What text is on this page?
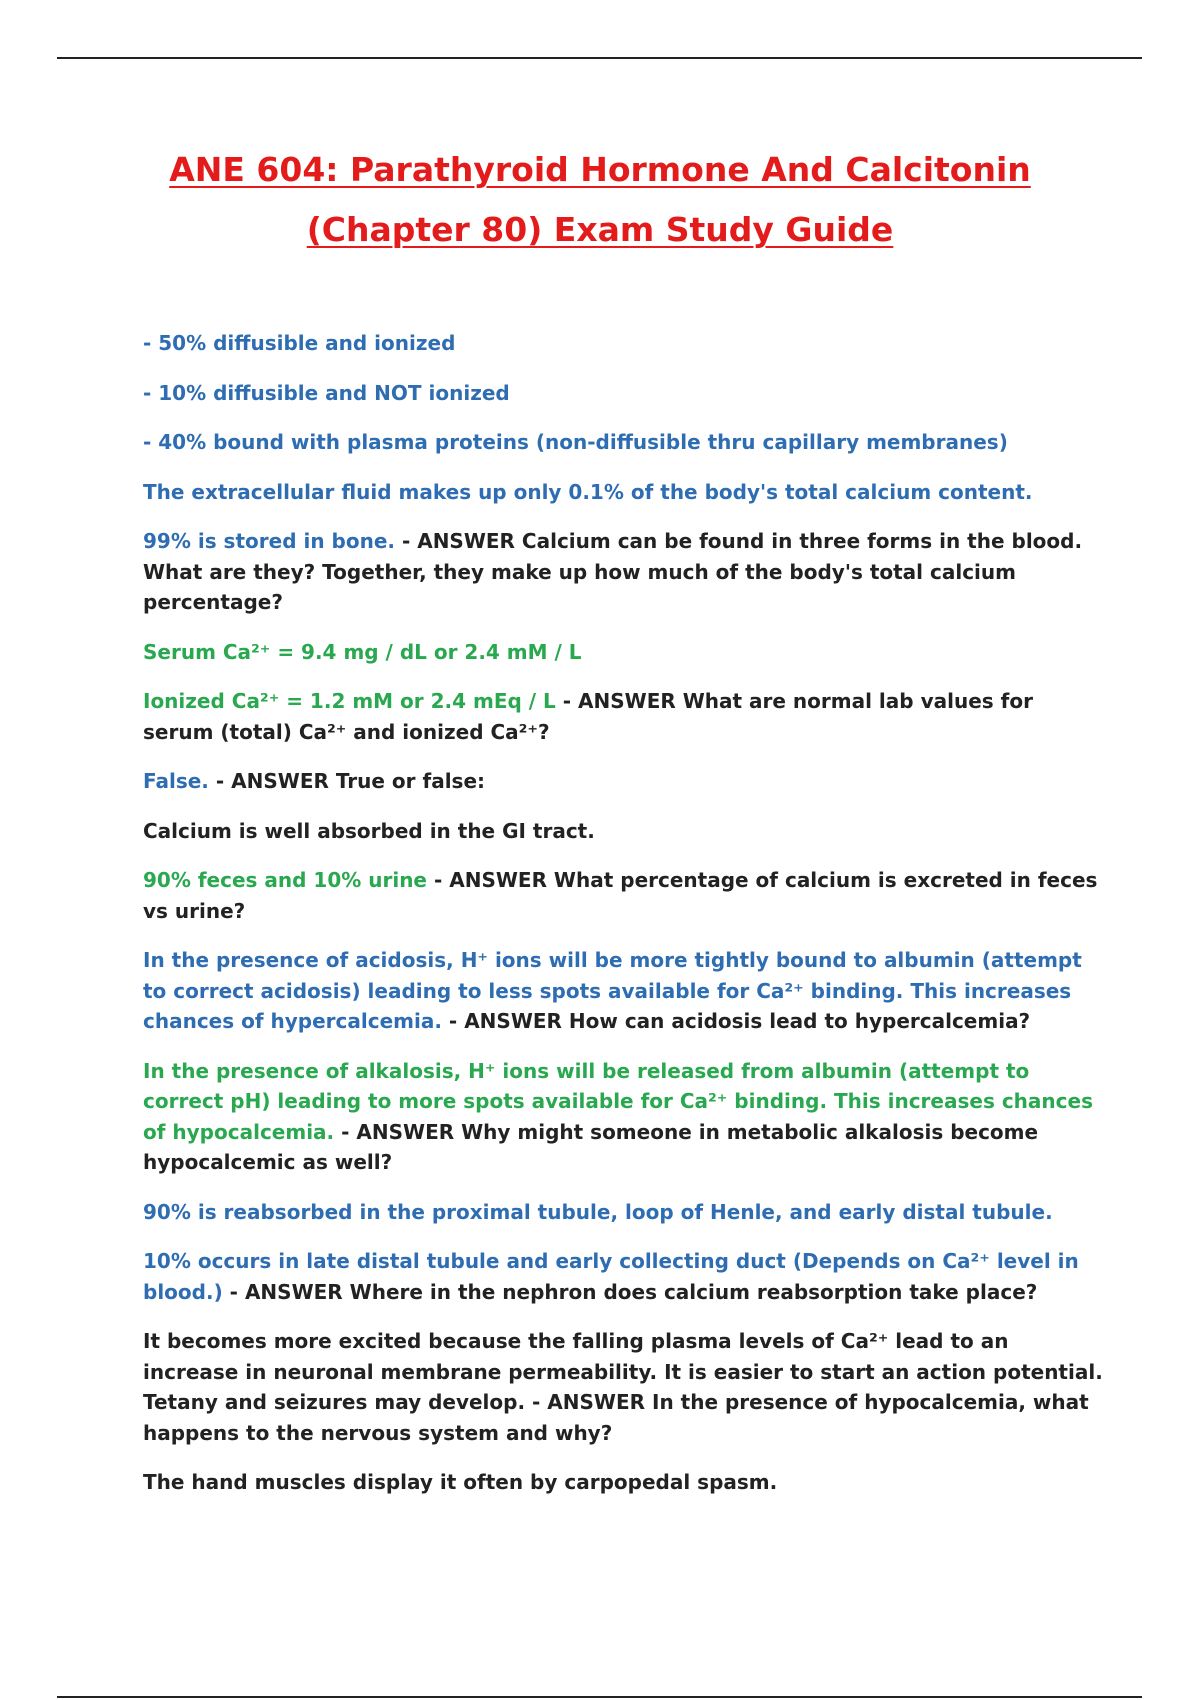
ANE 604: Parathyroid Hormone And Calcitonin
(Chapter 80) Exam Study Guide

- 50% diffusible and ionized

- 10% diffusible and NOT ionized

- 40% bound with plasma proteins (non-diffusible thru capillary membranes)

The extracellular fluid makes up only 0.1% of the body's total calcium content.

99% is stored in bone. - ANSWER Calcium can be found in three forms in the blood. What are they? Together, they make up how much of the body's total calcium percentage?

Serum Ca²⁺ = 9.4 mg / dL or 2.4 mM / L

Ionized Ca²⁺ = 1.2 mM or 2.4 mEq / L - ANSWER What are normal lab values for serum (total) Ca²⁺ and ionized Ca²⁺?

False. - ANSWER True or false:

Calcium is well absorbed in the GI tract.

90% feces and 10% urine - ANSWER What percentage of calcium is excreted in feces vs urine?

In the presence of acidosis, H⁺ ions will be more tightly bound to albumin (attempt to correct acidosis) leading to less spots available for Ca²⁺ binding. This increases chances of hypercalcemia. - ANSWER How can acidosis lead to hypercalcemia?

In the presence of alkalosis, H⁺ ions will be released from albumin (attempt to correct pH) leading to more spots available for Ca²⁺ binding. This increases chances of hypocalcemia. - ANSWER Why might someone in metabolic alkalosis become hypocalcemic as well?

90% is reabsorbed in the proximal tubule, loop of Henle, and early distal tubule.

10% occurs in late distal tubule and early collecting duct (Depends on Ca²⁺ level in blood.) - ANSWER Where in the nephron does calcium reabsorption take place?

It becomes more excited because the falling plasma levels of Ca²⁺ lead to an increase in neuronal membrane permeability. It is easier to start an action potential. Tetany and seizures may develop. - ANSWER In the presence of hypocalcemia, what happens to the nervous system and why?

The hand muscles display it often by carpopedal spasm.
